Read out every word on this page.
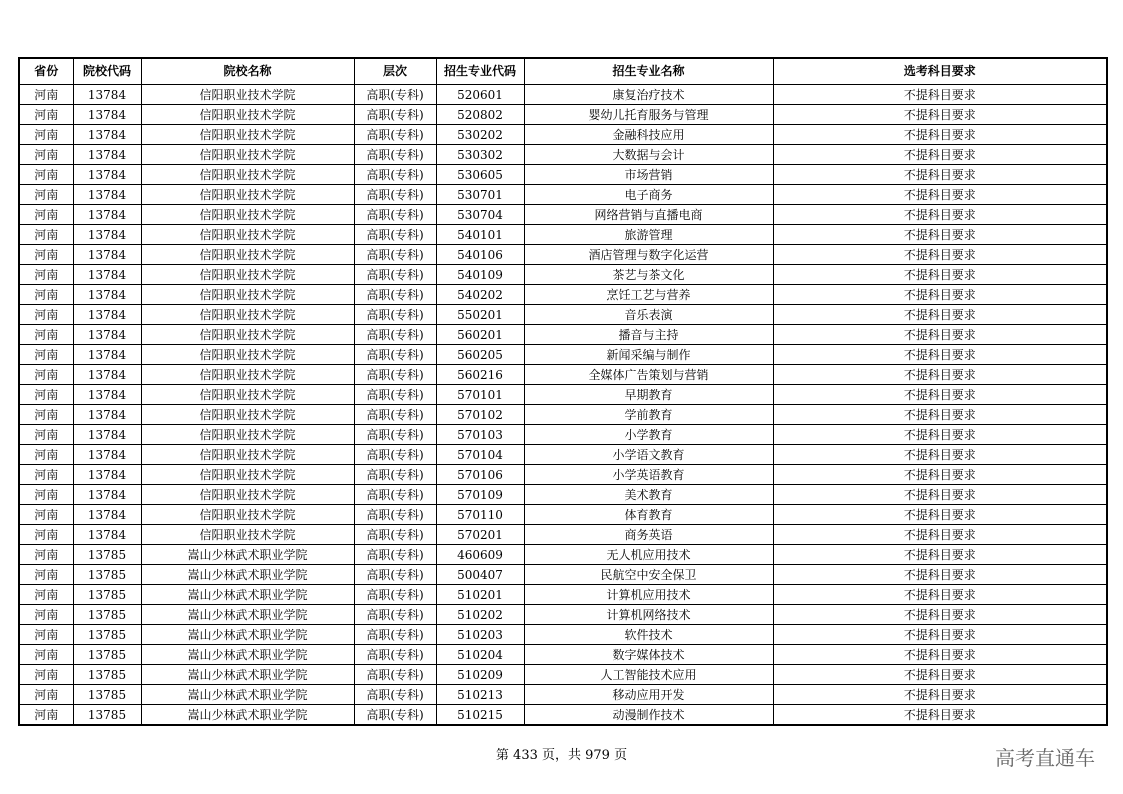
省份	院校代码	院校名称	层次	招生专业代码	招生专业名称	选考科目要求
河南	13784	信阳职业技术学院	高职(专科)	520601	康复治疗技术	不提科目要求
河南	13784	信阳职业技术学院	高职(专科)	520802	婴幼儿托育服务与管理	不提科目要求
河南	13784	信阳职业技术学院	高职(专科)	530202	金融科技应用	不提科目要求
河南	13784	信阳职业技术学院	高职(专科)	530302	大数据与会计	不提科目要求
河南	13784	信阳职业技术学院	高职(专科)	530605	市场营销	不提科目要求
河南	13784	信阳职业技术学院	高职(专科)	530701	电子商务	不提科目要求
河南	13784	信阳职业技术学院	高职(专科)	530704	网络营销与直播电商	不提科目要求
河南	13784	信阳职业技术学院	高职(专科)	540101	旅游管理	不提科目要求
河南	13784	信阳职业技术学院	高职(专科)	540106	酒店管理与数字化运营	不提科目要求
河南	13784	信阳职业技术学院	高职(专科)	540109	茶艺与茶文化	不提科目要求
河南	13784	信阳职业技术学院	高职(专科)	540202	烹饪工艺与营养	不提科目要求
河南	13784	信阳职业技术学院	高职(专科)	550201	音乐表演	不提科目要求
河南	13784	信阳职业技术学院	高职(专科)	560201	播音与主持	不提科目要求
河南	13784	信阳职业技术学院	高职(专科)	560205	新闻采编与制作	不提科目要求
河南	13784	信阳职业技术学院	高职(专科)	560216	全媒体广告策划与营销	不提科目要求
河南	13784	信阳职业技术学院	高职(专科)	570101	早期教育	不提科目要求
河南	13784	信阳职业技术学院	高职(专科)	570102	学前教育	不提科目要求
河南	13784	信阳职业技术学院	高职(专科)	570103	小学教育	不提科目要求
河南	13784	信阳职业技术学院	高职(专科)	570104	小学语文教育	不提科目要求
河南	13784	信阳职业技术学院	高职(专科)	570106	小学英语教育	不提科目要求
河南	13784	信阳职业技术学院	高职(专科)	570109	美术教育	不提科目要求
河南	13784	信阳职业技术学院	高职(专科)	570110	体育教育	不提科目要求
河南	13784	信阳职业技术学院	高职(专科)	570201	商务英语	不提科目要求
河南	13785	嵩山少林武术职业学院	高职(专科)	460609	无人机应用技术	不提科目要求
河南	13785	嵩山少林武术职业学院	高职(专科)	500407	民航空中安全保卫	不提科目要求
河南	13785	嵩山少林武术职业学院	高职(专科)	510201	计算机应用技术	不提科目要求
河南	13785	嵩山少林武术职业学院	高职(专科)	510202	计算机网络技术	不提科目要求
河南	13785	嵩山少林武术职业学院	高职(专科)	510203	软件技术	不提科目要求
河南	13785	嵩山少林武术职业学院	高职(专科)	510204	数字媒体技术	不提科目要求
河南	13785	嵩山少林武术职业学院	高职(专科)	510209	人工智能技术应用	不提科目要求
河南	13785	嵩山少林武术职业学院	高职(专科)	510213	移动应用开发	不提科目要求
河南	13785	嵩山少林武术职业学院	高职(专科)	510215	动漫制作技术	不提科目要求
第 433 页，共 979 页	高考直通车
